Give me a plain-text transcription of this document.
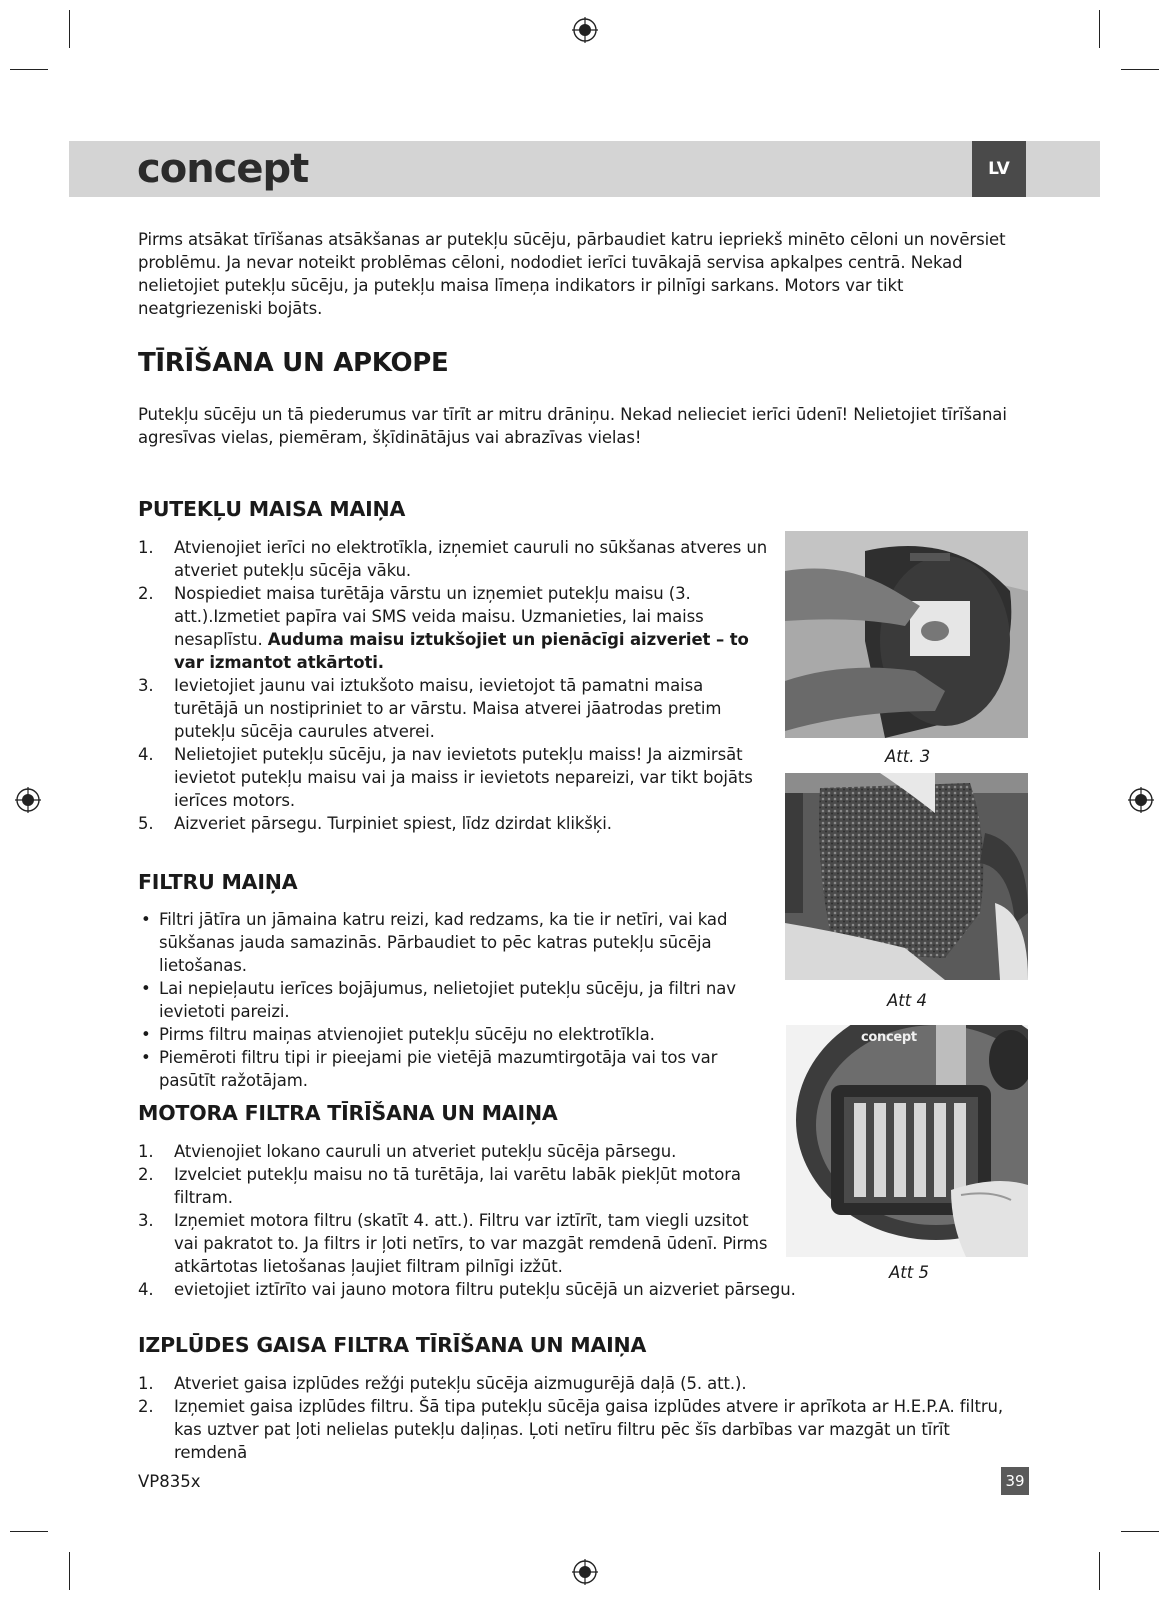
concept	LV

Pirms atsākat tīrīšanas atsākšanas ar putekļu sūcēju, pārbaudiet katru iepriekš minēto cēloni un novērsiet problēmu. Ja nevar noteikt problēmas cēloni, nododiet ierīci tuvākajā servisa apkalpes centrā. Nekad nelietojiet putekļu sūcēju, ja putekļu maisa līmeņa indikators ir pilnīgi sarkans. Motors var tikt neatgriezeniski bojāts.

TĪRĪŠANA UN APKOPE

Putekļu sūcēju un tā piederumus var tīrīt ar mitru drāniņu. Nekad nelieciet ierīci ūdenī! Nelietojiet tīrīšanai agresīvas vielas, piemēram, šķīdinātājus vai abrazīvas vielas!

PUTEKĻU MAISA MAIŅA
1. Atvienojiet ierīci no elektrotīkla, izņemiet cauruli no sūkšanas atveres un atveriet putekļu sūcēja vāku.
2. Nospiediet maisa turētāja vārstu un izņemiet putekļu maisu (3. att.).Izmetiet papīra vai SMS veida maisu. Uzmanieties, lai maiss nesaplīstu. Auduma maisu iztukšojiet un pienācīgi aizveriet – to var izmantot atkārtoti.
3. Ievietojiet jaunu vai iztukšoto maisu, ievietojot tā pamatni maisa turētājā un nostipriniet to ar vārstu. Maisa atverei jāatrodas pretim putekļu sūcēja caurules atverei.
4. Nelietojiet putekļu sūcēju, ja nav ievietots putekļu maiss! Ja aizmirsāt ievietot putekļu maisu vai ja maiss ir ievietots nepareizi, var tikt bojāts ierīces motors.
5. Aizveriet pārsegu. Turpiniet spiest, līdz dzirdat klikšķi.
FILTRU MAIŅA
• Filtri jātīra un jāmaina katru reizi, kad redzams, ka tie ir netīri, vai kad sūkšanas jauda samazinās. Pārbaudiet to pēc katras putekļu sūcēja lietošanas.
• Lai nepieļautu ierīces bojājumus, nelietojiet putekļu sūcēju, ja filtri nav ievietoti pareizi.
• Pirms filtru maiņas atvienojiet putekļu sūcēju no elektrotīkla.
• Piemēroti filtru tipi ir pieejami pie vietējā mazumtirgotāja vai tos var pasūtīt ražotājam.
MOTORA FILTRA TĪRĪŠANA UN MAIŅA
1. Atvienojiet lokano cauruli un atveriet putekļu sūcēja pārsegu.
2. Izvelciet putekļu maisu no tā turētāja, lai varētu labāk piekļūt motora filtram.
3. Izņemiet motora filtru (skatīt 4. att.). Filtru var iztīrīt, tam viegli uzsitot vai pakratot to. Ja filtrs ir ļoti netīrs, to var mazgāt remdenā ūdenī. Pirms atkārtotas lietošanas ļaujiet filtram pilnīgi izžūt.
4. evietojiet iztīrīto vai jauno motora filtru putekļu sūcējā un aizveriet pārsegu.
IZPLŪDES GAISA FILTRA TĪRĪŠANA UN MAIŅA
1. Atveriet gaisa izplūdes režģi putekļu sūcēja aizmugurējā daļā (5. att.).
2. Izņemiet gaisa izplūdes filtru. Šā tipa putekļu sūcēja gaisa izplūdes atvere ir aprīkota ar H.E.P.A. filtru, kas uztver pat ļoti nelielas putekļu daļiņas. Ļoti netīru filtru pēc šīs darbības var mazgāt un tīrīt remdenā
Att. 3
Att 4
concept
Att 5
VP835x	39
